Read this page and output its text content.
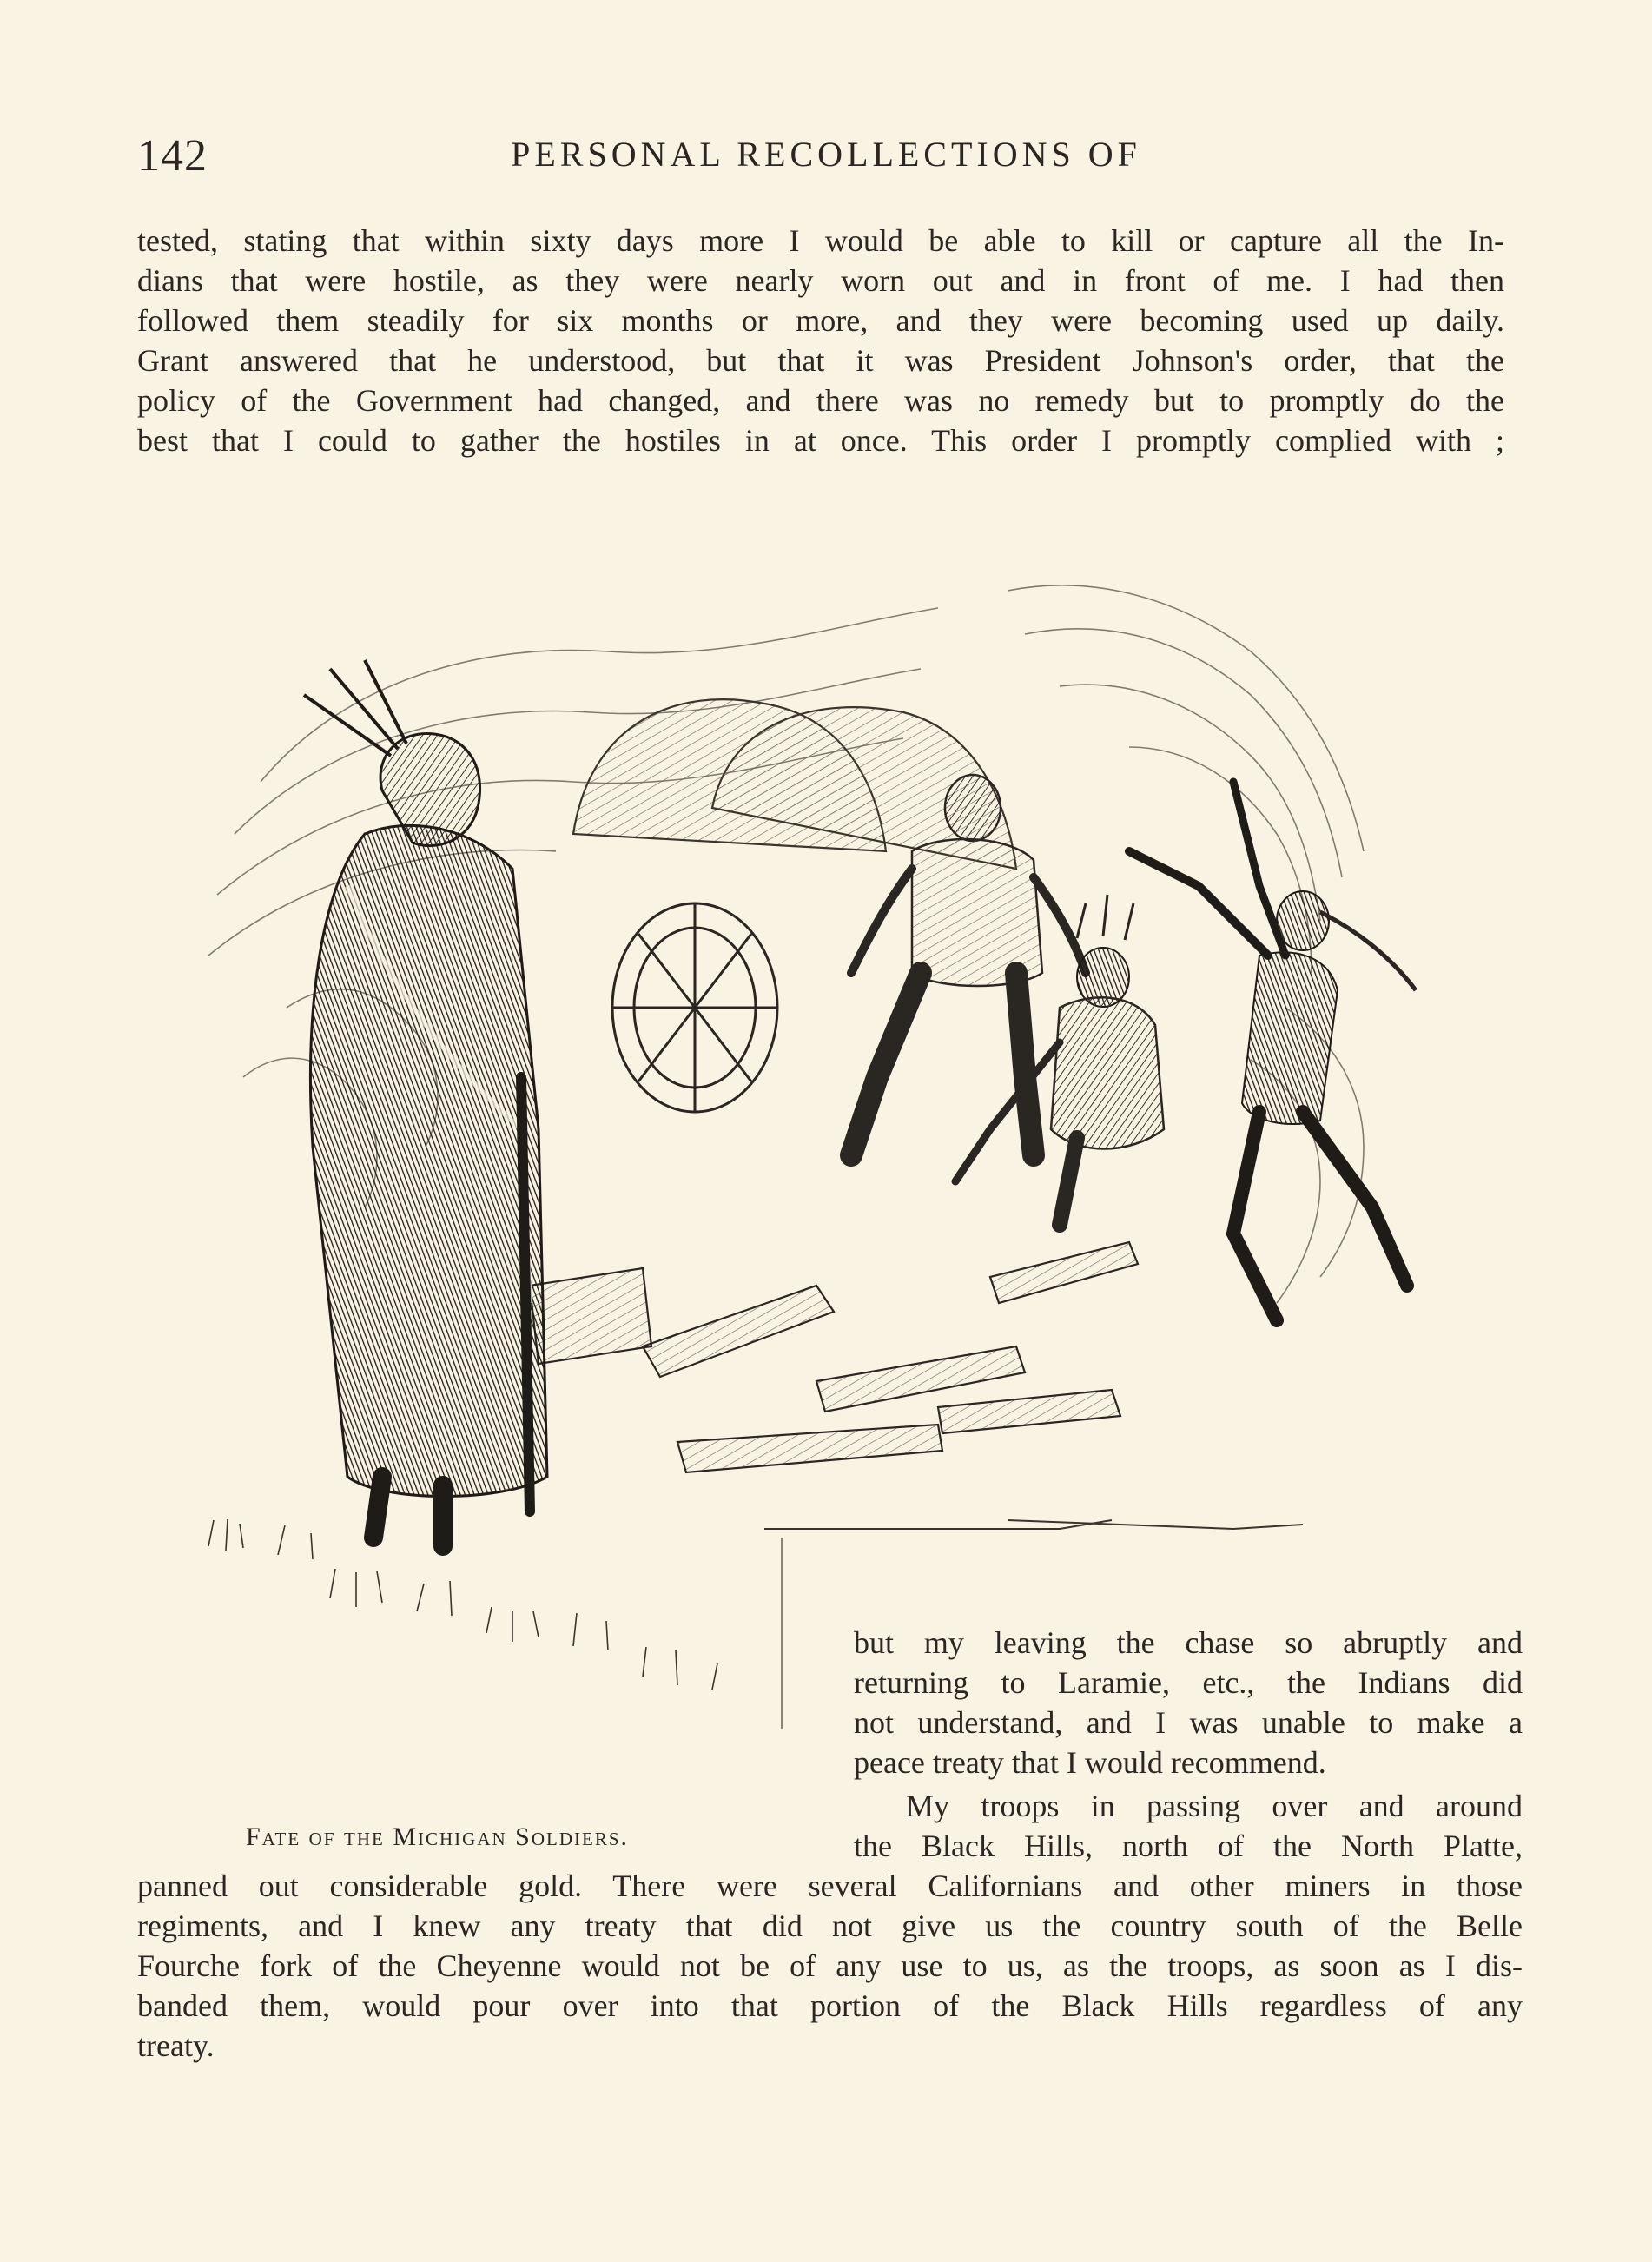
142	PERSONAL RECOLLECTIONS OF
tested, stating that within sixty days more I would be able to kill or capture all the In-
dians that were hostile, as they were nearly worn out and in front of me. I had then
followed them steadily for six months or more, and they were becoming used up daily.
Grant answered that he understood, but that it was President Johnson's order, that the
policy of the Government had changed, and there was no remedy but to promptly do the
best that I could to gather the hostiles in at once. This order I promptly complied with ;
Fate of the Michigan Soldiers.
but my leaving the chase so abruptly and
returning to Laramie, etc., the Indians did
not understand, and I was unable to make a
peace treaty that I would recommend.
My troops in passing over and around
the Black Hills, north of the North Platte,
panned out considerable gold. There were several Californians and other miners in those
regiments, and I knew any treaty that did not give us the country south of the Belle
Fourche fork of the Cheyenne would not be of any use to us, as the troops, as soon as I dis-
banded them, would pour over into that portion of the Black Hills regardless of any
treaty.
